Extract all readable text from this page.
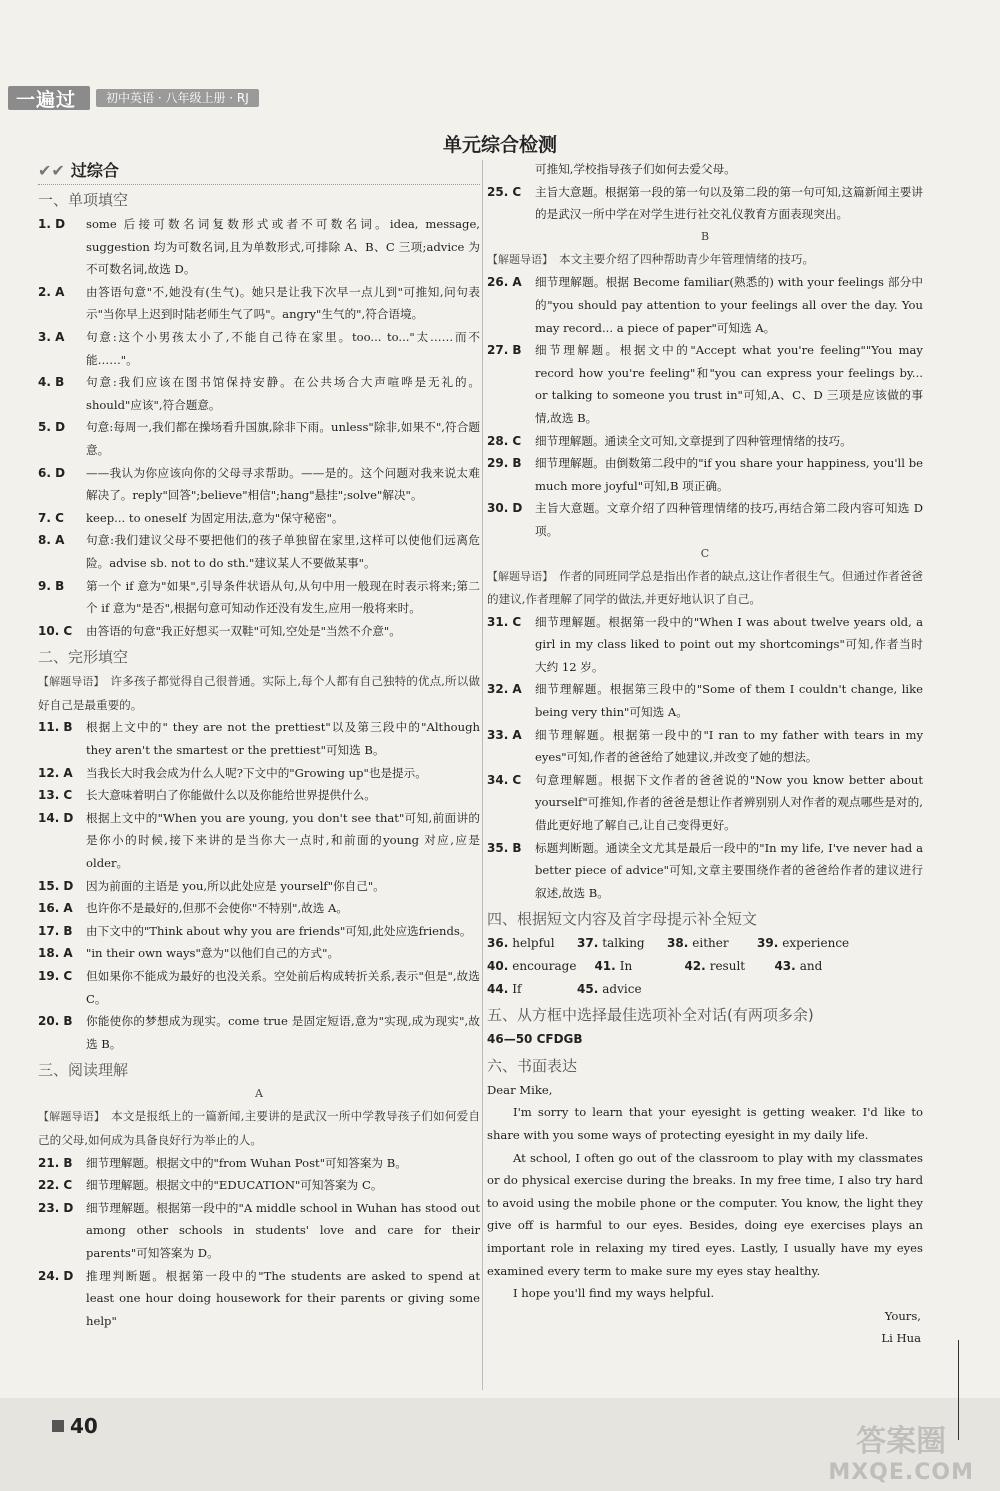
一遍过	初中英语 · 八年级上册 · RJ
单元综合检测
✔✔ 过综合
一、单项填空
1. D	some 后接可数名词复数形式或者不可数名词。idea, message, suggestion 均为可数名词,且为单数形式,可排除 A、B、C 三项;advice 为不可数名词,故选 D。
2. A	由答语句意"不,她没有(生气)。她只是让我下次早一点儿到"可推知,问句表示"当你早上迟到时陆老师生气了吗"。angry"生气的",符合语境。
3. A	句意:这个小男孩太小了,不能自己待在家里。too... to..."太……而不能……"。
4. B	句意:我们应该在图书馆保持安静。在公共场合大声喧哗是无礼的。should"应该",符合题意。
5. D	句意:每周一,我们都在操场看升国旗,除非下雨。unless"除非,如果不",符合题意。
6. D	——我认为你应该向你的父母寻求帮助。——是的。这个问题对我来说太难解决了。reply"回答";believe"相信";hang"悬挂";solve"解决"。
7. C	keep... to oneself 为固定用法,意为"保守秘密"。
8. A	句意:我们建议父母不要把他们的孩子单独留在家里,这样可以使他们远离危险。advise sb. not to do sth."建议某人不要做某事"。
9. B	第一个 if 意为"如果",引导条件状语从句,从句中用一般现在时表示将来;第二个 if 意为"是否",根据句意可知动作还没有发生,应用一般将来时。
10. C	由答语的句意"我正好想买一双鞋"可知,空处是"当然不介意"。
二、完形填空
【解题导语】 许多孩子都觉得自己很普通。实际上,每个人都有自己独特的优点,所以做好自己是最重要的。
11. B	根据上文中的" they are not the prettiest"以及第三段中的"Although they aren't the smartest or the prettiest"可知选 B。
12. A	当我长大时我会成为什么人呢?下文中的"Growing up"也是提示。
13. C	长大意味着明白了你能做什么以及你能给世界提供什么。
14. D	根据上文中的"When you are young, you don't see that"可知,前面讲的是你小的时候,接下来讲的是当你大一点时,和前面的young 对应,应是 older。
15. D	因为前面的主语是 you,所以此处应是 yourself"你自己"。
16. A	也许你不是最好的,但那不会使你"不特别",故选 A。
17. B	由下文中的"Think about why you are friends"可知,此处应选friends。
18. A	"in their own ways"意为"以他们自己的方式"。
19. C	但如果你不能成为最好的也没关系。空处前后构成转折关系,表示"但是",故选 C。
20. B	你能使你的梦想成为现实。come true 是固定短语,意为"实现,成为现实",故选 B。
三、阅读理解
A
【解题导语】 本文是报纸上的一篇新闻,主要讲的是武汉一所中学教导孩子们如何爱自己的父母,如何成为具备良好行为举止的人。
21. B	细节理解题。根据文中的"from Wuhan Post"可知答案为 B。
22. C	细节理解题。根据文中的"EDUCATION"可知答案为 C。
23. D	细节理解题。根据第一段中的"A middle school in Wuhan has stood out among other schools in students' love and care for their parents"可知答案为 D。
24. D	推理判断题。根据第一段中的"The students are asked to spend at least one hour doing housework for their parents or giving some help"
可推知,学校指导孩子们如何去爱父母。
25. C	主旨大意题。根据第一段的第一句以及第二段的第一句可知,这篇新闻主要讲的是武汉一所中学在对学生进行社交礼仪教育方面表现突出。
B
【解题导语】 本文主要介绍了四种帮助青少年管理情绪的技巧。
26. A	细节理解题。根据 Become familiar(熟悉的) with your feelings 部分中的"you should pay attention to your feelings all over the day. You may record... a piece of paper"可知选 A。
27. B	细节理解题。根据文中的"Accept what you're feeling""You may record how you're feeling"和"you can express your feelings by... or talking to someone you trust in"可知,A、C、D 三项是应该做的事情,故选 B。
28. C	细节理解题。通读全文可知,文章提到了四种管理情绪的技巧。
29. B	细节理解题。由倒数第二段中的"if you share your happiness, you'll be much more joyful"可知,B 项正确。
30. D	主旨大意题。文章介绍了四种管理情绪的技巧,再结合第二段内容可知选 D 项。
C
【解题导语】 作者的同班同学总是指出作者的缺点,这让作者很生气。但通过作者爸爸的建议,作者理解了同学的做法,并更好地认识了自己。
31. C	细节理解题。根据第一段中的"When I was about twelve years old, a girl in my class liked to point out my shortcomings"可知,作者当时大约 12 岁。
32. A	细节理解题。根据第三段中的"Some of them I couldn't change, like being very thin"可知选 A。
33. A	细节理解题。根据第一段中的"I ran to my father with tears in my eyes"可知,作者的爸爸给了她建议,并改变了她的想法。
34. C	句意理解题。根据下文作者的爸爸说的"Now you know better about yourself"可推知,作者的爸爸是想让作者辨别别人对作者的观点哪些是对的,借此更好地了解自己,让自己变得更好。
35. B	标题判断题。通读全文尤其是最后一段中的"In my life, I've never had a better piece of advice"可知,文章主要围绕作者的爸爸给作者的建议进行叙述,故选 B。
四、根据短文内容及首字母提示补全短文
36. helpful	37. talking	38. either	39. experience
40. encourage 41. In	42. result	43. and
44. If	45. advice
五、从方框中选择最佳选项补全对话(有两项多余)
46—50 CFDGB
六、书面表达

Dear Mike,

I'm sorry to learn that your eyesight is getting weaker. I'd like to share with you some ways of protecting eyesight in my daily life.

At school, I often go out of the classroom to play with my classmates or do physical exercise during the breaks. In my free time, I also try hard to avoid using the mobile phone or the computer. You know, the light they give off is harmful to our eyes. Besides, doing eye exercises plays an important role in relaxing my tired eyes. Lastly, I usually have my eyes examined every term to make sure my eyes stay healthy.

I hope you'll find my ways helpful.

Yours,

Li Hua

40	答案圈
MXQE.COM
